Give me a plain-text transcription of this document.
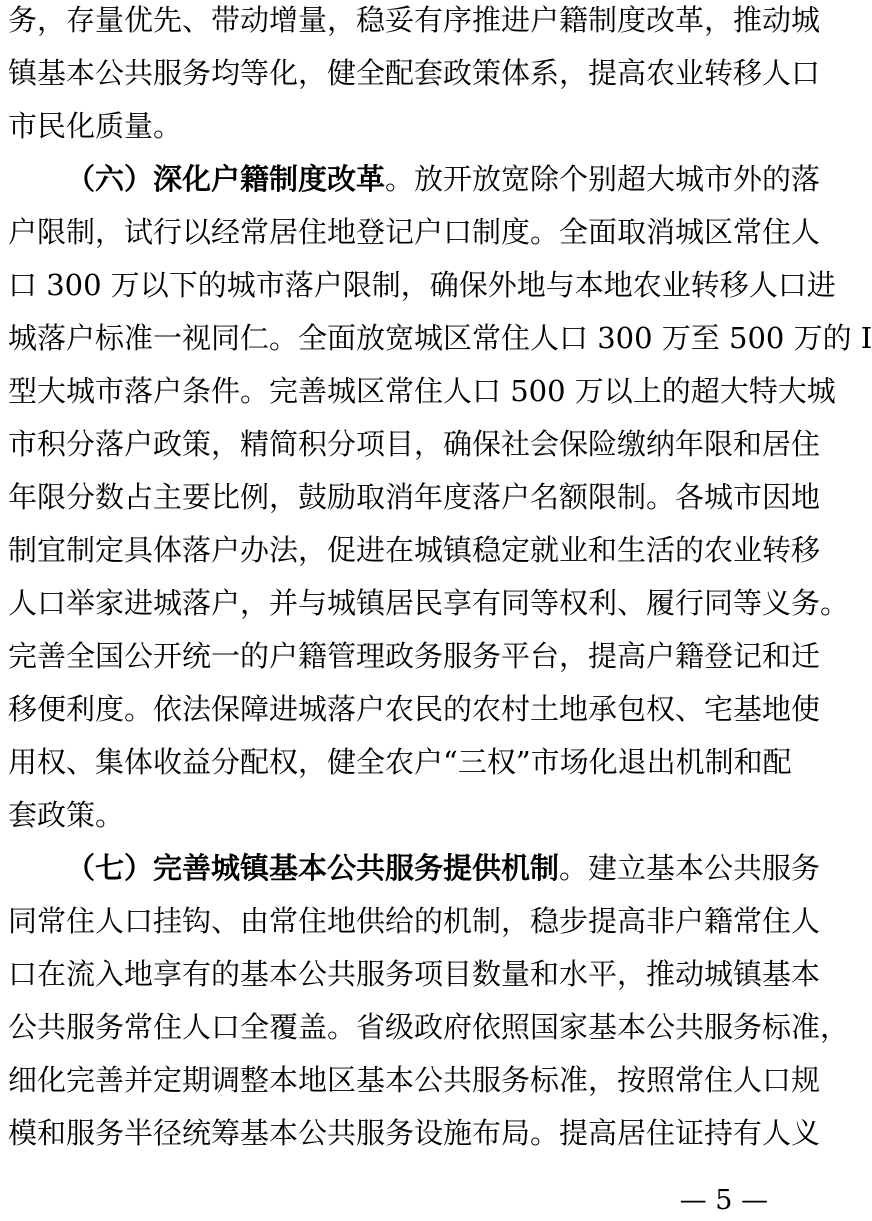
务，存量优先、带动增量，稳妥有序推进户籍制度改革，推动城
镇基本公共服务均等化，健全配套政策体系，提高农业转移人口
市民化质量。
（六）深化户籍制度改革。放开放宽除个别超大城市外的落
户限制，试行以经常居住地登记户口制度。全面取消城区常住人
口 300 万以下的城市落户限制，确保外地与本地农业转移人口进
城落户标准一视同仁。全面放宽城区常住人口 300 万至 500 万的 I
型大城市落户条件。完善城区常住人口 500 万以上的超大特大城
市积分落户政策，精简积分项目，确保社会保险缴纳年限和居住
年限分数占主要比例，鼓励取消年度落户名额限制。各城市因地
制宜制定具体落户办法，促进在城镇稳定就业和生活的农业转移
人口举家进城落户，并与城镇居民享有同等权利、履行同等义务。
完善全国公开统一的户籍管理政务服务平台，提高户籍登记和迁
移便利度。依法保障进城落户农民的农村土地承包权、宅基地使
用权、集体收益分配权，健全农户“三权”市场化退出机制和配
套政策。
（七）完善城镇基本公共服务提供机制。建立基本公共服务
同常住人口挂钩、由常住地供给的机制，稳步提高非户籍常住人
口在流入地享有的基本公共服务项目数量和水平，推动城镇基本
公共服务常住人口全覆盖。省级政府依照国家基本公共服务标准，
细化完善并定期调整本地区基本公共服务标准，按照常住人口规
模和服务半径统筹基本公共服务设施布局。提高居住证持有人义
— 5 —
